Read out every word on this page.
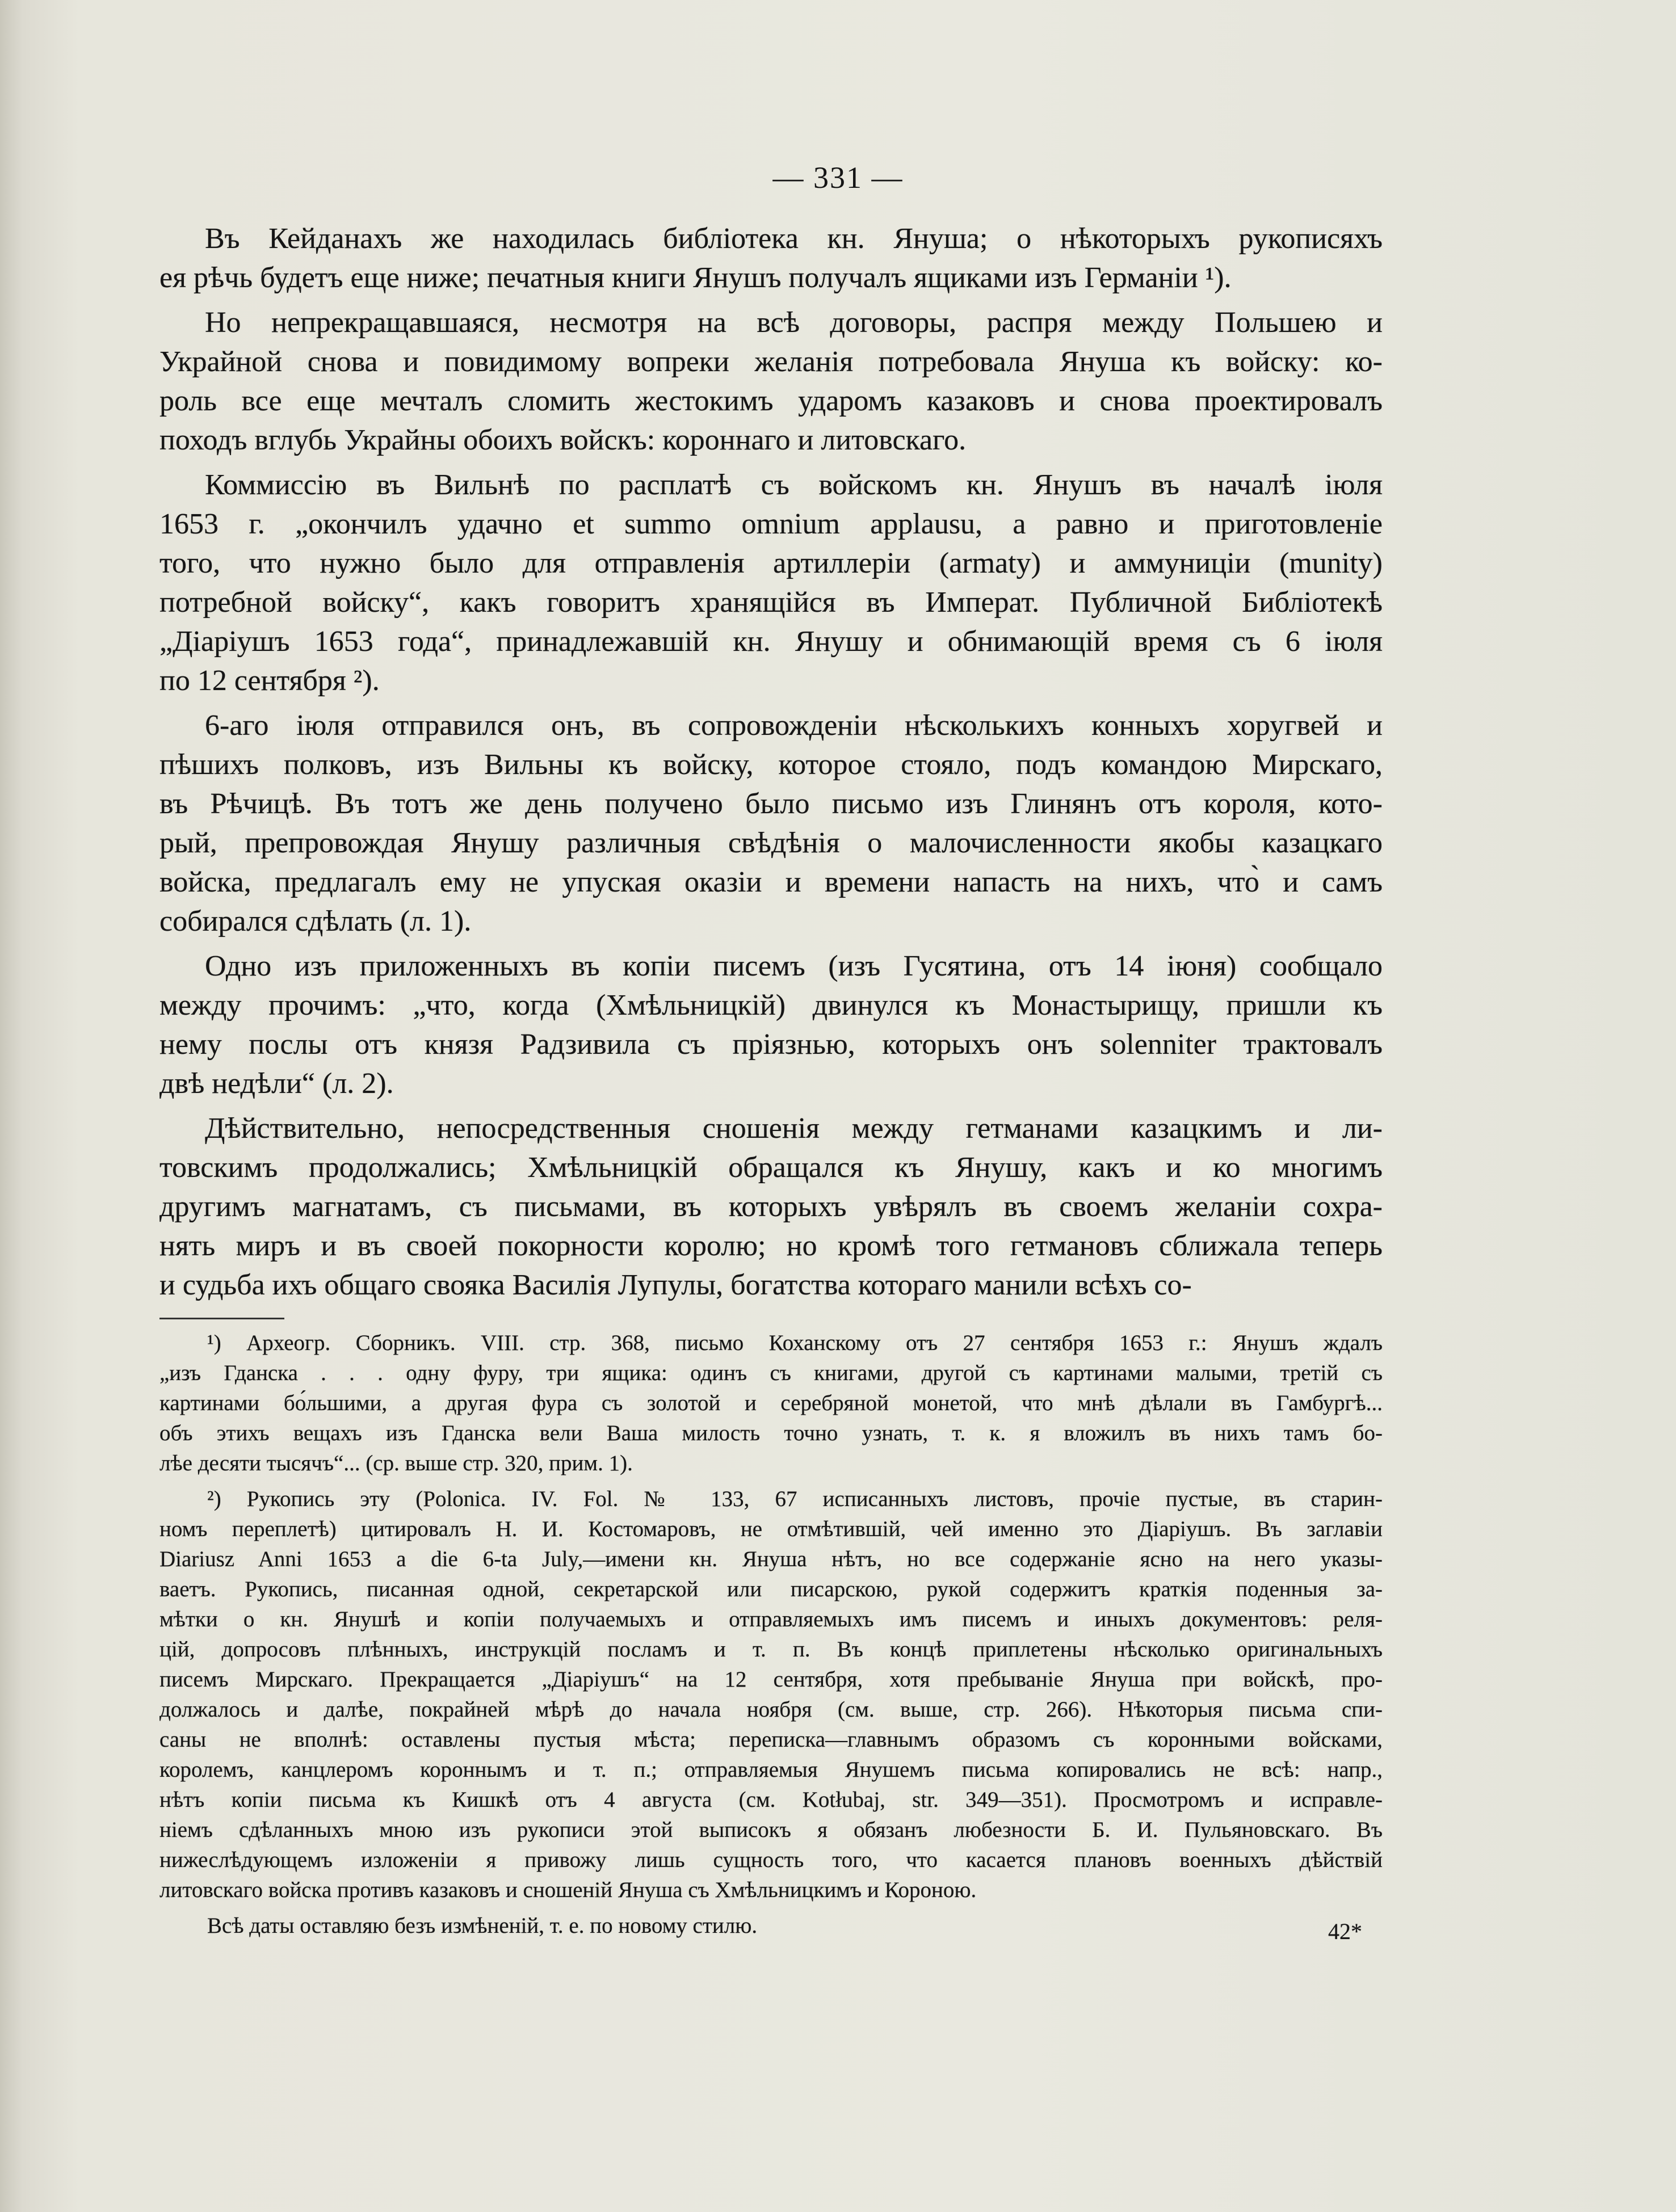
— 331 —
Въ Кейданахъ же находилась библіотека кн. Януша; о нѣкоторыхъ рукописяхъ
ея рѣчь будетъ еще ниже; печатныя книги Янушъ получалъ ящиками изъ Германіи ¹).
Но непрекращавшаяся, несмотря на всѣ договоры, распря между Польшею и
Украйной снова и повидимому вопреки желанія потребовала Януша къ войску: ко-
роль все еще мечталъ сломить жестокимъ ударомъ казаковъ и снова проектировалъ
походъ вглубь Украйны обоихъ войскъ: короннаго и литовскаго.
Коммиссію въ Вильнѣ по расплатѣ съ войскомъ кн. Янушъ въ началѣ іюля
1653 г. „окончилъ удачно et summo omnium applausu, а равно и приготовленіе
того, что нужно было для отправленія артиллеріи (armaty) и аммуниціи (munity)
потребной войску“, какъ говоритъ хранящійся въ Императ. Публичной Библіотекѣ
„Діаріушъ 1653 года“, принадлежавшій кн. Янушу и обнимающій время съ 6 іюля
по 12 сентября ²).
6-аго іюля отправился онъ, въ сопровожденіи нѣсколькихъ конныхъ хоругвей и
пѣшихъ полковъ, изъ Вильны къ войску, которое стояло, подъ командою Мирскаго,
въ Рѣчицѣ. Въ тотъ же день получено было письмо изъ Глинянъ отъ короля, кото-
рый, препровождая Янушу различныя свѣдѣнія о малочисленности якобы казацкаго
войска, предлагалъ ему не упуская оказіи и времени напасть на нихъ, что̀ и самъ
собирался сдѣлать (л. 1).
Одно изъ приложенныхъ въ копіи писемъ (изъ Гусятина, отъ 14 іюня) сообщало
между прочимъ: „что, когда (Хмѣльницкій) двинулся къ Монастырищу, пришли къ
нему послы отъ князя Радзивила съ пріязнью, которыхъ онъ solenniter трактовалъ
двѣ недѣли“ (л. 2).
Дѣйствительно, непосредственныя сношенія между гетманами казацкимъ и ли-
товскимъ продолжались; Хмѣльницкій обращался къ Янушу, какъ и ко многимъ
другимъ магнатамъ, съ письмами, въ которыхъ увѣрялъ въ своемъ желаніи сохра-
нять миръ и въ своей покорности королю; но кромѣ того гетмановъ сближала теперь
и судьба ихъ общаго свояка Василія Лупулы, богатства котораго манили всѣхъ со-
¹) Археогр. Сборникъ. VIII. стр. 368, письмо Коханскому отъ 27 сентября 1653 г.: Янушъ ждалъ
„изъ Гданска . . . одну фуру, три ящика: одинъ съ книгами, другой съ картинами малыми, третій съ
картинами бо́льшими, а другая фура съ золотой и серебряной монетой, что мнѣ дѣлали въ Гамбургѣ...
объ этихъ вещахъ изъ Гданска вели Ваша милость точно узнать, т. к. я вложилъ въ нихъ тамъ бо-
лѣе десяти тысячъ“... (ср. выше стр. 320, прим. 1).
²) Рукопись эту (Polonica. IV. Fol. № 133, 67 исписанныхъ листовъ, прочіе пустые, въ старин-
номъ переплетѣ) цитировалъ Н. И. Костомаровъ, не отмѣтившій, чей именно это Діаріушъ. Въ заглавіи
Diariusz Anni 1653 a die 6-ta July,—имени кн. Януша нѣтъ, но все содержаніе ясно на него указы-
ваетъ. Рукопись, писанная одной, секретарской или писарскою, рукой содержитъ краткія поденныя за-
мѣтки о кн. Янушѣ и копіи получаемыхъ и отправляемыхъ имъ писемъ и иныхъ документовъ: реля-
цій, допросовъ плѣнныхъ, инструкцій посламъ и т. п. Въ концѣ приплетены нѣсколько оригинальныхъ
писемъ Мирскаго. Прекращается „Діаріушъ“ на 12 сентября, хотя пребываніе Януша при войскѣ, про-
должалось и далѣе, покрайней мѣрѣ до начала ноября (см. выше, стр. 266). Нѣкоторыя письма спи-
саны не вполнѣ: оставлены пустыя мѣста; переписка—главнымъ образомъ съ коронными войсками,
королемъ, канцлеромъ короннымъ и т. п.; отправляемыя Янушемъ письма копировались не всѣ: напр.,
нѣтъ копіи письма къ Кишкѣ отъ 4 августа (см. Kotłubaj, str. 349—351). Просмотромъ и исправле-
ніемъ сдѣланныхъ мною изъ рукописи этой выписокъ я обязанъ любезности Б. И. Пульяновскаго. Въ
нижеслѣдующемъ изложеніи я привожу лишь сущность того, что касается плановъ военныхъ дѣйствій
литовскаго войска противъ казаковъ и сношеній Януша съ Хмѣльницкимъ и Короною.
Всѣ даты оставляю безъ измѣненій, т. е. по новому стилю.	42*
